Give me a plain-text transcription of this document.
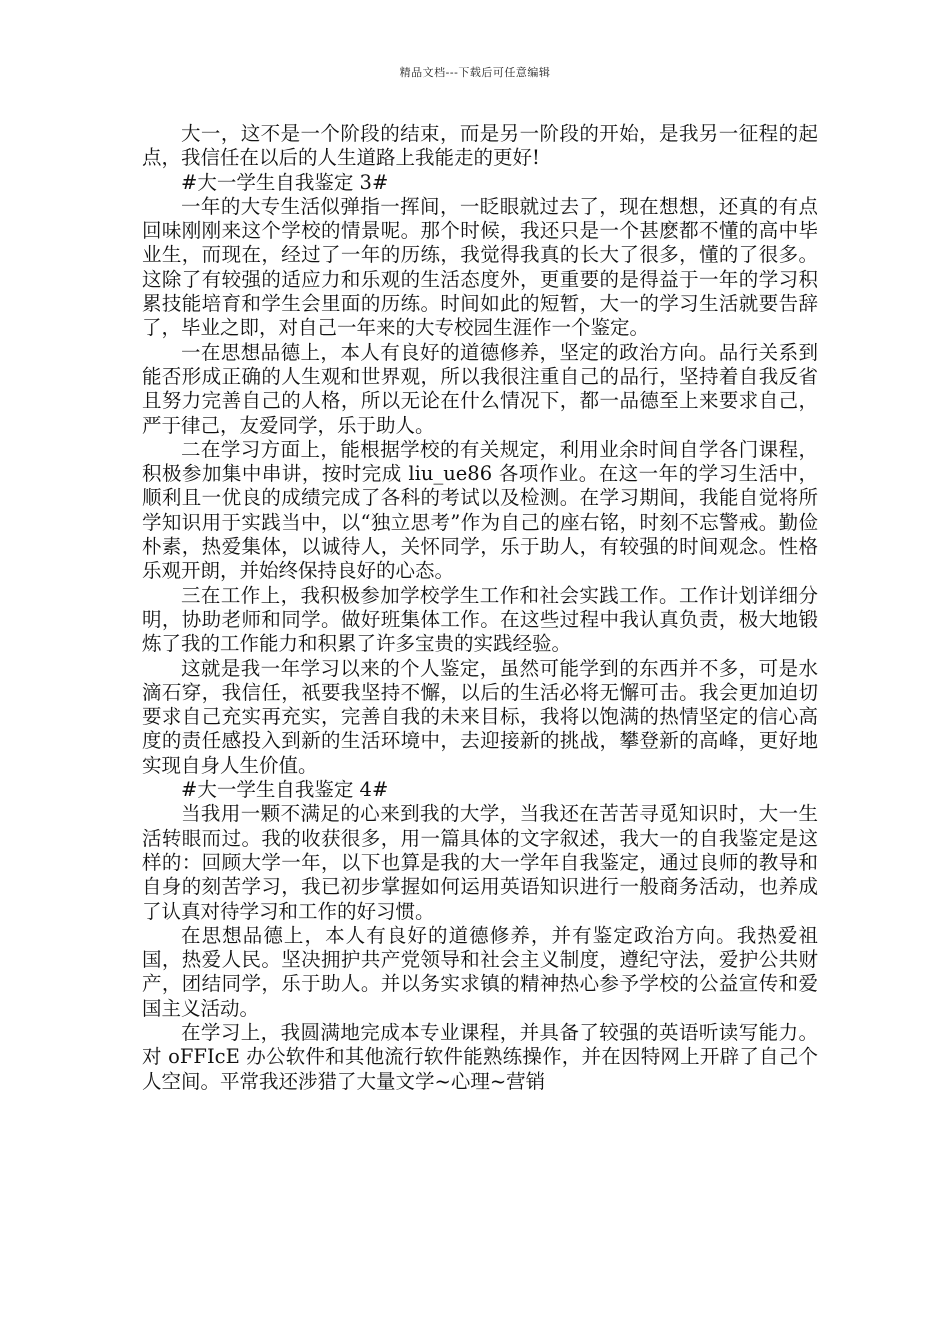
精品文档---下载后可任意编辑

大一，这不是一个阶段的结束，而是另一阶段的开始，是我另一征程的起点，我信任在以后的人生道路上我能走的更好!

#大一学生自我鉴定 3#

一年的大专生活似弹指一挥间，一眨眼就过去了，现在想想，还真的有点回味刚刚来这个学校的情景呢。那个时候，我还只是一个甚麽都不懂的高中毕业生，而现在，经过了一年的历练，我觉得我真的长大了很多，懂的了很多。这除了有较强的适应力和乐观的生活态度外，更重要的是得益于一年的学习积累技能培育和学生会里面的历练。时间如此的短暂，大一的学习生活就要告辞了，毕业之即，对自己一年来的大专校园生涯作一个鉴定。

一在思想品德上，本人有良好的道德修养，坚定的政治方向。品行关系到能否形成正确的人生观和世界观，所以我很注重自己的品行，坚持着自我反省且努力完善自己的人格，所以无论在什么情况下，都一品德至上来要求自己，严于律己，友爱同学，乐于助人。

二在学习方面上，能根据学校的有关规定，利用业余时间自学各门课程，积极参加集中串讲，按时完成 liu_ue86 各项作业。在这一年的学习生活中，顺利且一优良的成绩完成了各科的考试以及检测。在学习期间，我能自觉将所学知识用于实践当中，以“独立思考”作为自己的座右铭，时刻不忘警戒。勤俭朴素，热爱集体，以诚待人，关怀同学，乐于助人，有较强的时间观念。性格乐观开朗，并始终保持良好的心态。

三在工作上，我积极参加学校学生工作和社会实践工作。工作计划详细分明，协助老师和同学。做好班集体工作。在这些过程中我认真负责，极大地锻炼了我的工作能力和积累了许多宝贵的实践经验。

这就是我一年学习以来的个人鉴定，虽然可能学到的东西并不多，可是水滴石穿，我信任，祇要我坚持不懈，以后的生活必将无懈可击。我会更加迫切要求自己充实再充实，完善自我的未来目标，我将以饱满的热情坚定的信心高度的责任感投入到新的生活环境中，去迎接新的挑战，攀登新的高峰，更好地实现自身人生价值。

#大一学生自我鉴定 4#

当我用一颗不满足的心来到我的大学，当我还在苦苦寻觅知识时，大一生活转眼而过。我的收获很多，用一篇具体的文字叙述，我大一的自我鉴定是这样的：回顾大学一年，以下也算是我的大一学年自我鉴定，通过良师的教导和自身的刻苦学习，我已初步掌握如何运用英语知识进行一般商务活动，也养成了认真对待学习和工作的好习惯。

在思想品德上，本人有良好的道德修养，并有鉴定政治方向。我热爱祖国，热爱人民。坚决拥护共产党领导和社会主义制度，遵纪守法，爱护公共财产，团结同学，乐于助人。并以务实求镇的精神热心参予学校的公益宣传和爱国主义活动。

在学习上，我圆满地完成本专业课程，并具备了较强的英语听读写能力。对 oFFIcE 办公软件和其他流行软件能熟练操作，并在因特网上开辟了自己个人空间。平常我还涉猎了大量文学~心理~营销
